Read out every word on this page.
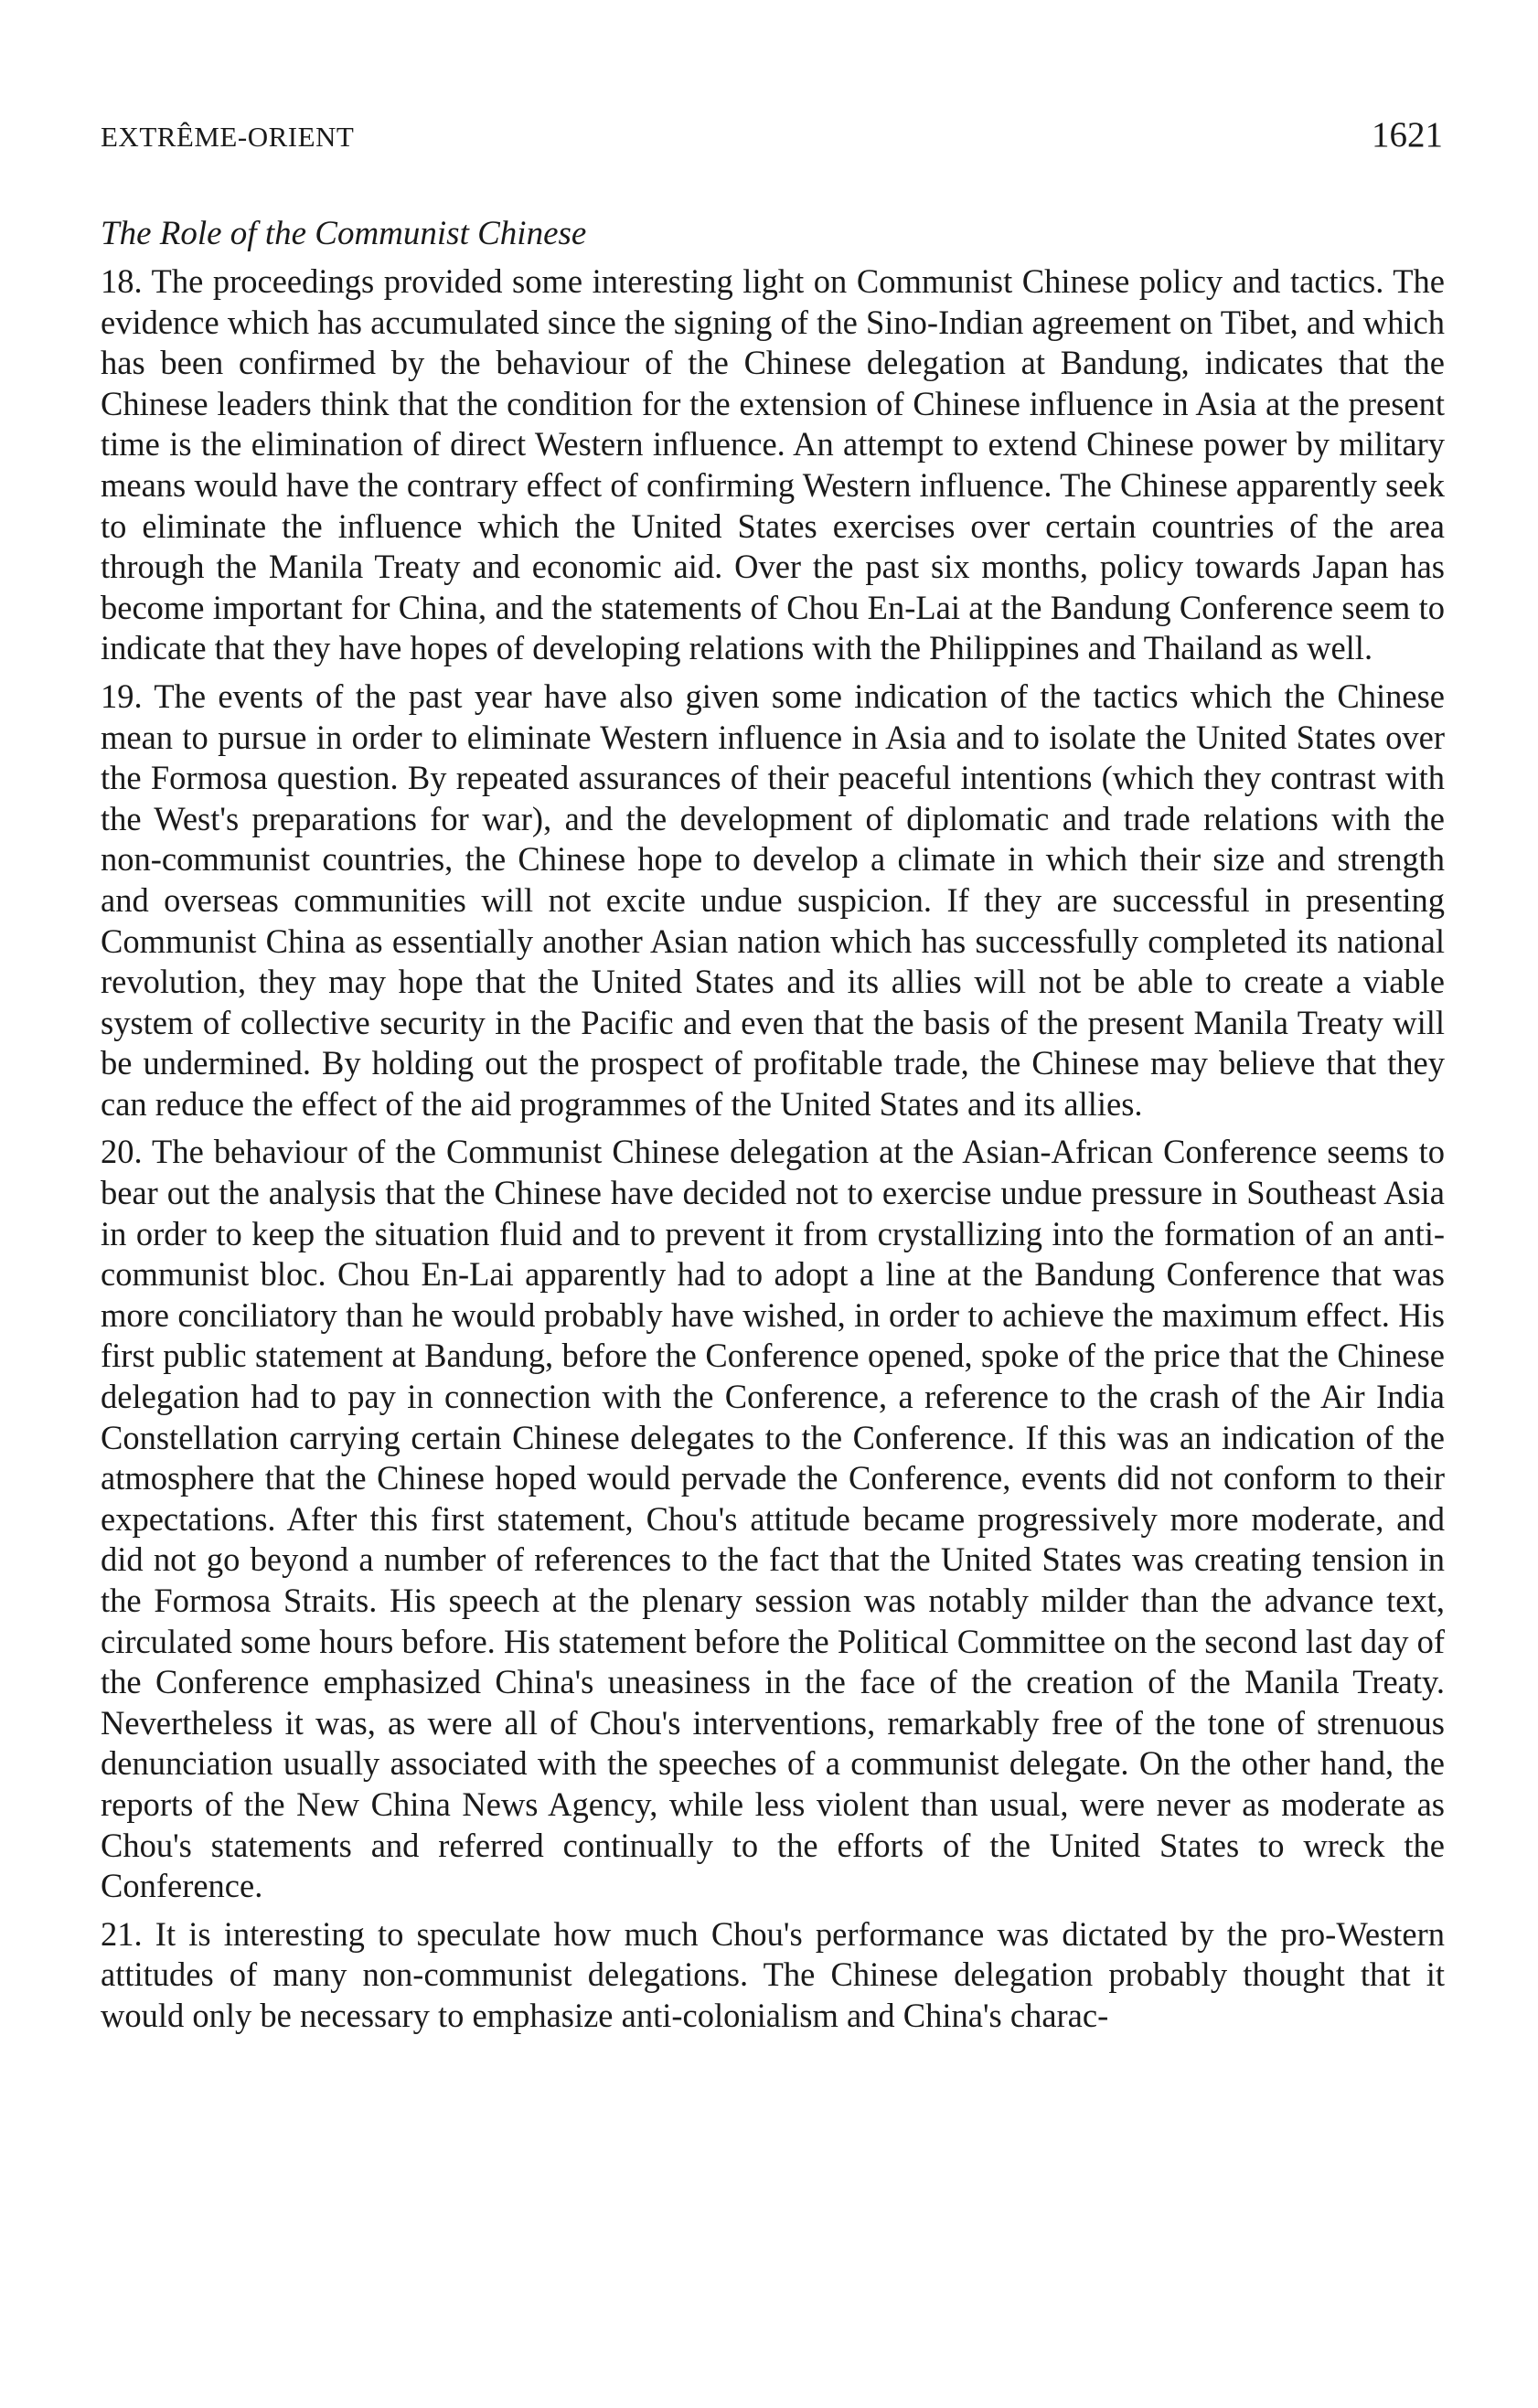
EXTRÊME-ORIENT	1621
The Role of the Communist Chinese

18. The proceedings provided some interesting light on Communist Chinese policy and tactics. The evidence which has accumulated since the signing of the Sino-Indian agreement on Tibet, and which has been confirmed by the behaviour of the Chinese delegation at Bandung, indicates that the Chinese leaders think that the condition for the extension of Chinese influence in Asia at the present time is the elimination of direct Western influence. An attempt to extend Chinese power by military means would have the contrary effect of confirming Western influence. The Chinese apparently seek to eliminate the influence which the United States exercises over certain countries of the area through the Manila Treaty and economic aid. Over the past six months, policy towards Japan has become important for China, and the statements of Chou En-Lai at the Bandung Conference seem to indicate that they have hopes of developing relations with the Philippines and Thailand as well.

19. The events of the past year have also given some indication of the tactics which the Chinese mean to pursue in order to eliminate Western influence in Asia and to isolate the United States over the Formosa question. By repeated assurances of their peaceful intentions (which they contrast with the West's preparations for war), and the development of diplomatic and trade relations with the non-communist countries, the Chinese hope to develop a climate in which their size and strength and overseas communities will not excite undue suspicion. If they are successful in presenting Communist China as essentially another Asian nation which has successfully completed its national revolution, they may hope that the United States and its allies will not be able to create a viable system of collective security in the Pacific and even that the basis of the present Manila Treaty will be undermined. By holding out the prospect of profitable trade, the Chinese may believe that they can reduce the effect of the aid programmes of the United States and its allies.

20. The behaviour of the Communist Chinese delegation at the Asian-African Conference seems to bear out the analysis that the Chinese have decided not to exercise undue pressure in Southeast Asia in order to keep the situation fluid and to prevent it from crystallizing into the formation of an anti-communist bloc. Chou En-Lai apparently had to adopt a line at the Bandung Conference that was more conciliatory than he would probably have wished, in order to achieve the maximum effect. His first public statement at Bandung, before the Conference opened, spoke of the price that the Chinese delegation had to pay in connection with the Conference, a reference to the crash of the Air India Constellation carrying certain Chinese delegates to the Conference. If this was an indication of the atmosphere that the Chinese hoped would pervade the Conference, events did not conform to their expectations. After this first statement, Chou's attitude became progressively more moderate, and did not go beyond a number of references to the fact that the United States was creating tension in the Formosa Straits. His speech at the plenary session was notably milder than the advance text, circulated some hours before. His statement before the Political Committee on the second last day of the Conference emphasized China's uneasiness in the face of the creation of the Manila Treaty. Nevertheless it was, as were all of Chou's interventions, remarkably free of the tone of strenuous denunciation usually associated with the speeches of a communist delegate. On the other hand, the reports of the New China News Agency, while less violent than usual, were never as moderate as Chou's statements and referred continually to the efforts of the United States to wreck the Conference.

21. It is interesting to speculate how much Chou's performance was dictated by the pro-Western attitudes of many non-communist delegations. The Chinese delegation probably thought that it would only be necessary to emphasize anti-colonialism and China's charac-
